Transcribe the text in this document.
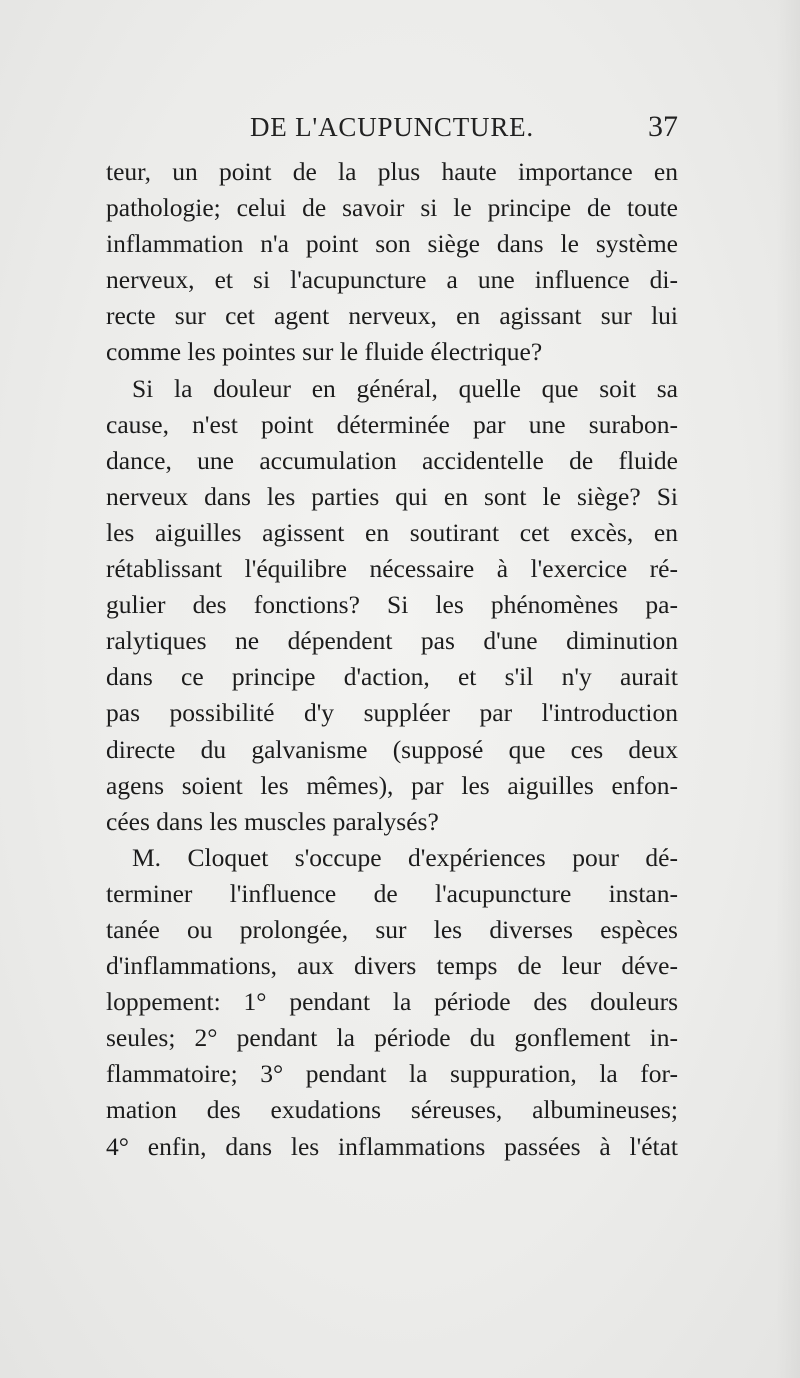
DE L'ACUPUNCTURE.	37
teur, un point de la plus haute importance en
pathologie; celui de savoir si le principe de toute
inflammation n'a point son siège dans le système
nerveux, et si l'acupuncture a une influence di-
recte sur cet agent nerveux, en agissant sur lui
comme les pointes sur le fluide électrique?
Si la douleur en général, quelle que soit sa
cause, n'est point déterminée par une surabon-
dance, une accumulation accidentelle de fluide
nerveux dans les parties qui en sont le siège? Si
les aiguilles agissent en soutirant cet excès, en
rétablissant l'équilibre nécessaire à l'exercice ré-
gulier des fonctions? Si les phénomènes pa-
ralytiques ne dépendent pas d'une diminution
dans ce principe d'action, et s'il n'y aurait
pas possibilité d'y suppléer par l'introduction
directe du galvanisme (supposé que ces deux
agens soient les mêmes), par les aiguilles enfon-
cées dans les muscles paralysés?
M. Cloquet s'occupe d'expériences pour dé-
terminer l'influence de l'acupuncture instan-
tanée ou prolongée, sur les diverses espèces
d'inflammations, aux divers temps de leur déve-
loppement: 1° pendant la période des douleurs
seules; 2° pendant la période du gonflement in-
flammatoire; 3° pendant la suppuration, la for-
mation des exudations séreuses, albumineuses;
4° enfin, dans les inflammations passées à l'état
